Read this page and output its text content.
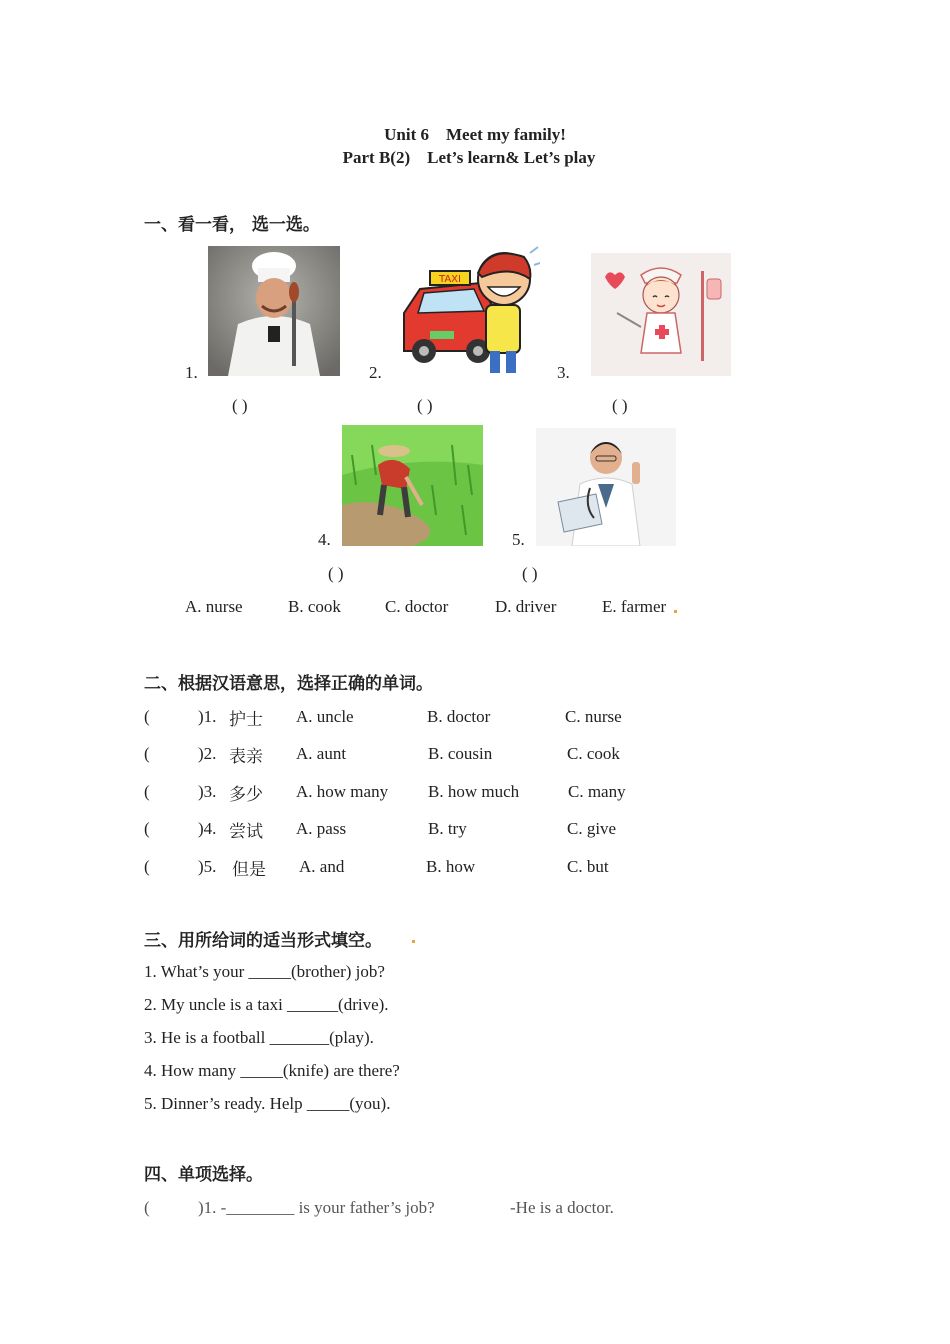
Unit 6　Meet my family!
Part B(2)　Let’s learn& Let’s play
一、看一看， 选一选。
1.
( )
TAXI
2.
( )
3.
( )
4.
( )
5.
( )
A. nurse	B. cook	C. doctor	D. driver	E. farmer
二、根据汉语意思，选择正确的单词。
(	)1. 护士 A. uncle	B. doctor	C. nurse
(	)2. 表亲 A. aunt	B. cousin	C. cook
(	)3. 多少 A. how many B. how much	C. many
(	)4. 尝试 A. pass	B. try	C. give
(	)5. 但是 A. and	B. how	C. but
三、用所给词的适当形式填空。
1. What’s your _____(brother) job?
2. My uncle is a taxi ______(drive).
3. He is a football _______(play).
4. How many _____(knife) are there?
5. Dinner’s ready. Help _____(you).
四、单项选择。
(	)1. -________ is your father’s job?	-He is a doctor.
